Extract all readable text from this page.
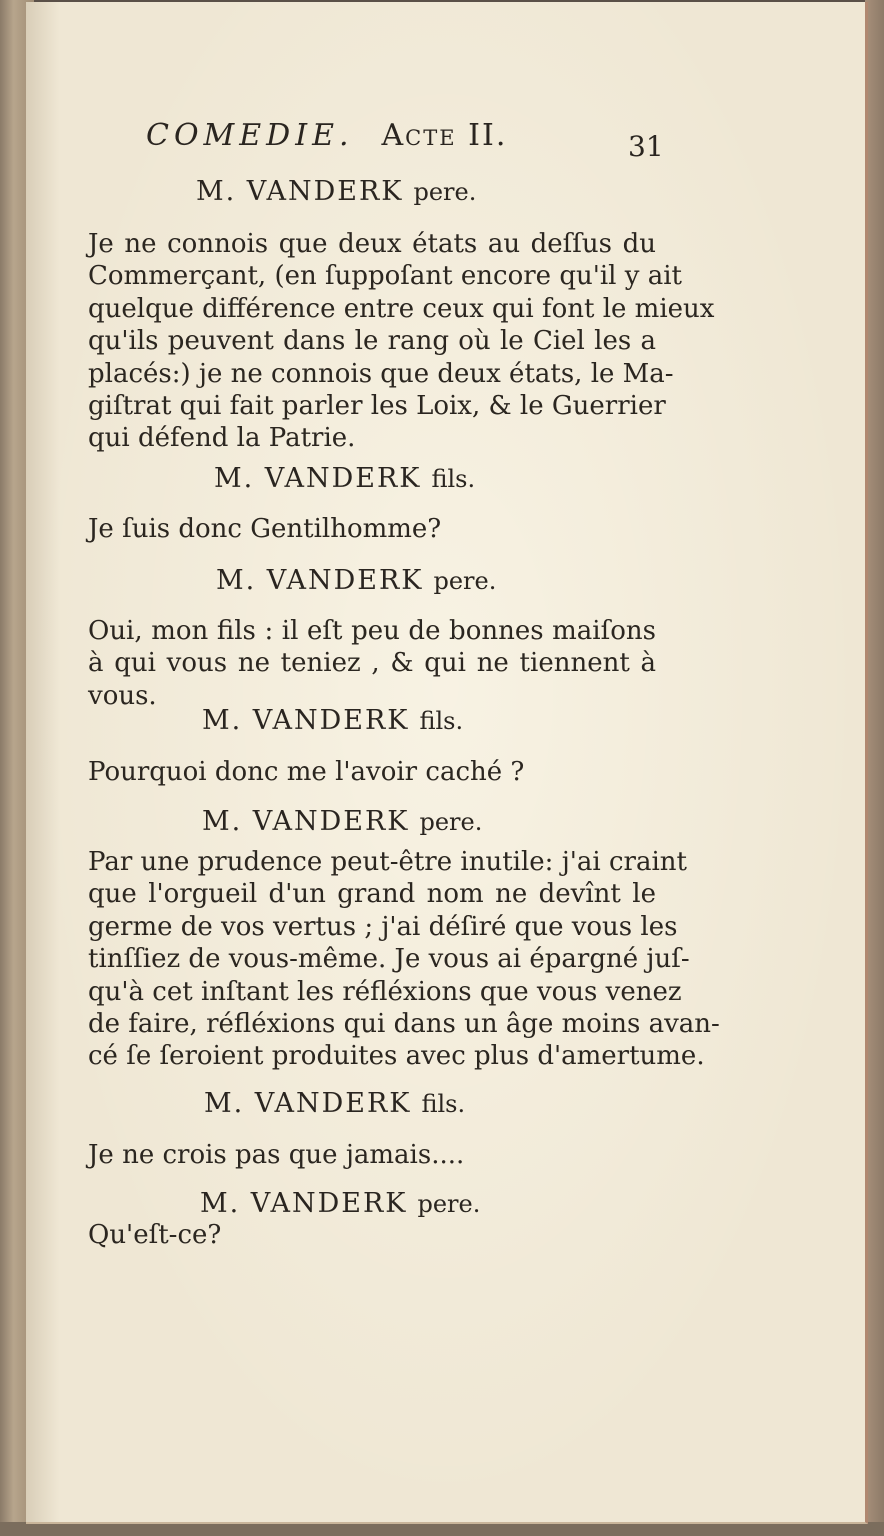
COMEDIE. Acte II.	31
M. VANDERK pere.
Je ne connois que deux états au deſſus du
Commerçant, (en ſuppoſant encore qu'il y ait
quelque différence entre ceux qui font le mieux
qu'ils peuvent dans le rang où le Ciel les a
placés:) je ne connois que deux états, le Ma-
giſtrat qui fait parler les Loix, & le Guerrier
qui défend la Patrie.
M. VANDERK fils.
Je ſuis donc Gentilhomme?
M. VANDERK pere.
Oui, mon fils : il eſt peu de bonnes maiſons
à qui vous ne teniez , & qui ne tiennent à
vous.
M. VANDERK fils.
Pourquoi donc me l'avoir caché ?
M. VANDERK pere.
Par une prudence peut-être inutile: j'ai craint
que l'orgueil d'un grand nom ne devînt le
germe de vos vertus ; j'ai déſiré que vous les
tinſſiez de vous-même. Je vous ai épargné juſ-
qu'à cet inſtant les réfléxions que vous venez
de faire, réfléxions qui dans un âge moins avan-
cé ſe ſeroient produites avec plus d'amertume.
M. VANDERK fils.
Je ne crois pas que jamais....
M. VANDERK pere.
Qu'eſt-ce?
